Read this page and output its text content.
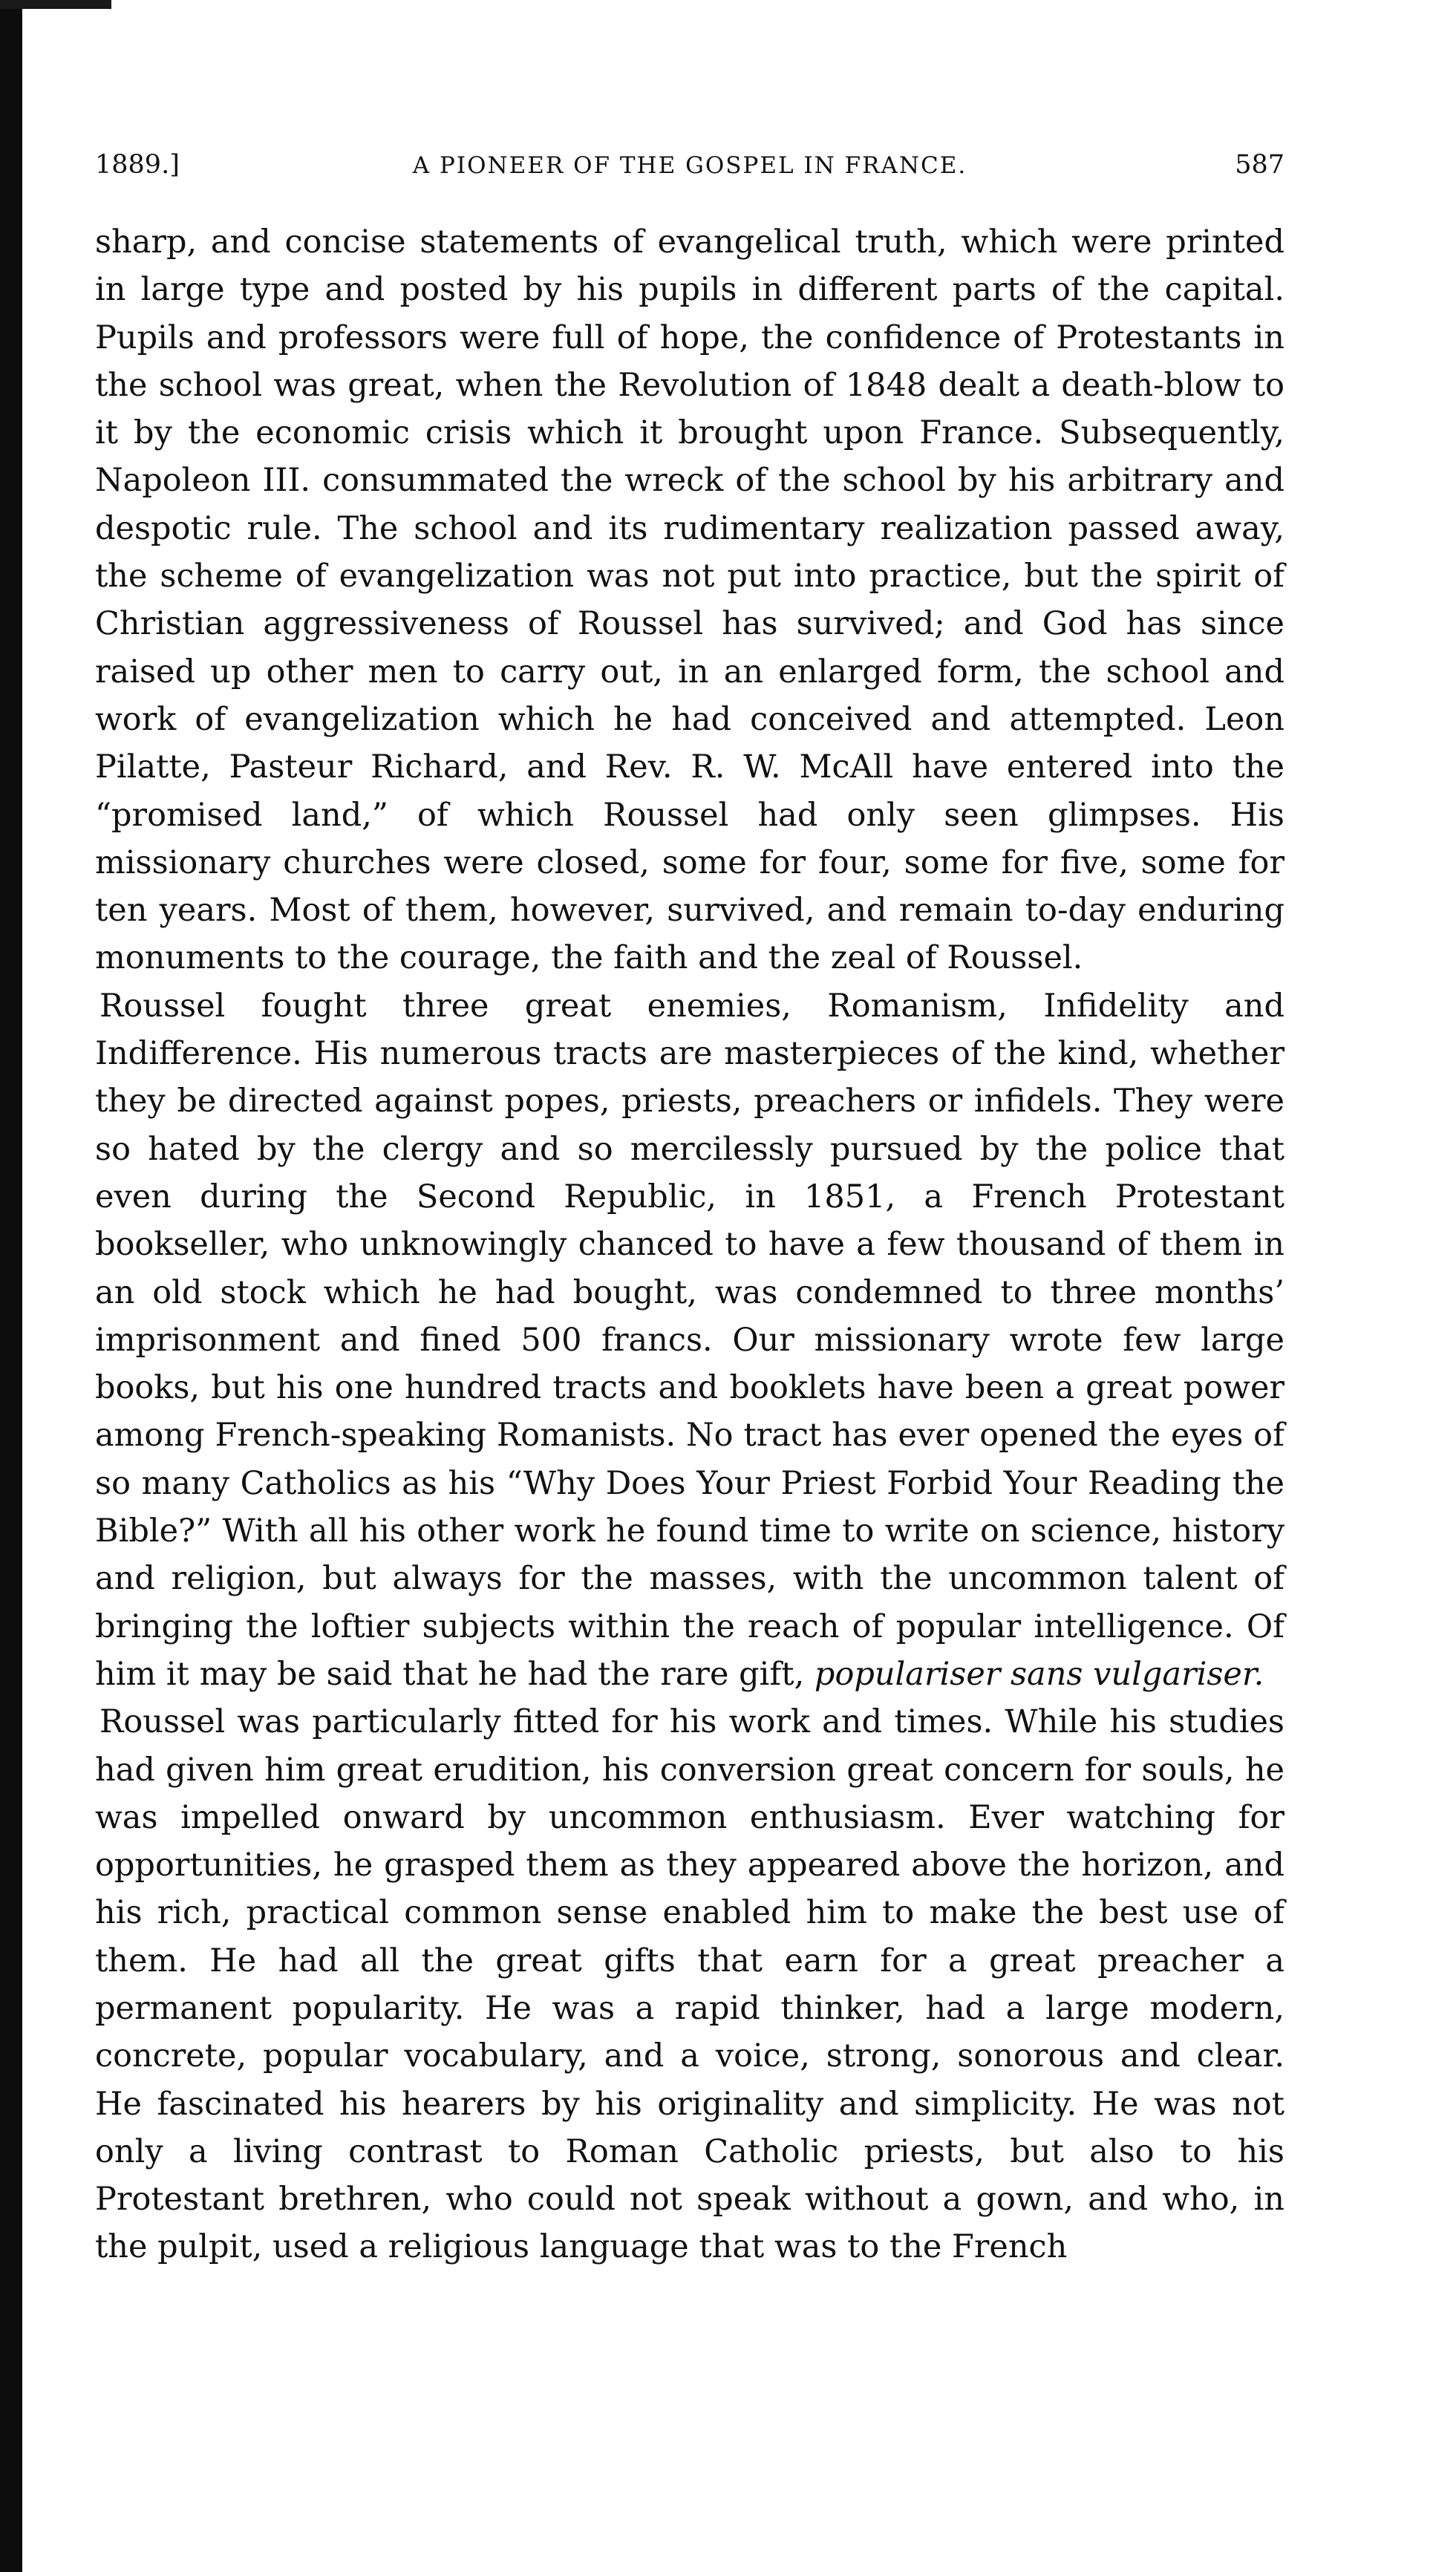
1889.]	A PIONEER OF THE GOSPEL IN FRANCE.	587

sharp, and concise statements of evangelical truth, which were printed in large type and posted by his pupils in different parts of the capital. Pupils and professors were full of hope, the confidence of Protestants in the school was great, when the Revolution of 1848 dealt a death-blow to it by the economic crisis which it brought upon France. Subsequently, Napoleon III. consummated the wreck of the school by his arbitrary and despotic rule. The school and its rudimentary realization passed away, the scheme of evangelization was not put into practice, but the spirit of Christian aggressiveness of Roussel has survived; and God has since raised up other men to carry out, in an enlarged form, the school and work of evangelization which he had conceived and attempted. Leon Pilatte, Pasteur Richard, and Rev. R. W. McAll have entered into the “promised land,” of which Roussel had only seen glimpses. His missionary churches were closed, some for four, some for five, some for ten years. Most of them, however, survived, and remain to-day enduring monuments to the courage, the faith and the zeal of Roussel.

Roussel fought three great enemies, Romanism, Infidelity and Indifference. His numerous tracts are masterpieces of the kind, whether they be directed against popes, priests, preachers or infidels. They were so hated by the clergy and so mercilessly pursued by the police that even during the Second Republic, in 1851, a French Protestant bookseller, who unknowingly chanced to have a few thousand of them in an old stock which he had bought, was condemned to three months’ imprisonment and fined 500 francs. Our missionary wrote few large books, but his one hundred tracts and booklets have been a great power among French-speaking Romanists. No tract has ever opened the eyes of so many Catholics as his “Why Does Your Priest Forbid Your Reading the Bible?” With all his other work he found time to write on science, history and religion, but always for the masses, with the uncommon talent of bringing the loftier subjects within the reach of popular intelligence. Of him it may be said that he had the rare gift, populariser sans vulgariser.

Roussel was particularly fitted for his work and times. While his studies had given him great erudition, his conversion great concern for souls, he was impelled onward by uncommon enthusiasm. Ever watching for opportunities, he grasped them as they appeared above the horizon, and his rich, practical common sense enabled him to make the best use of them. He had all the great gifts that earn for a great preacher a permanent popularity. He was a rapid thinker, had a large modern, concrete, popular vocabulary, and a voice, strong, sonorous and clear. He fascinated his hearers by his originality and simplicity. He was not only a living contrast to Roman Catholic priests, but also to his Protestant brethren, who could not speak without a gown, and who, in the pulpit, used a religious language that was to the French
